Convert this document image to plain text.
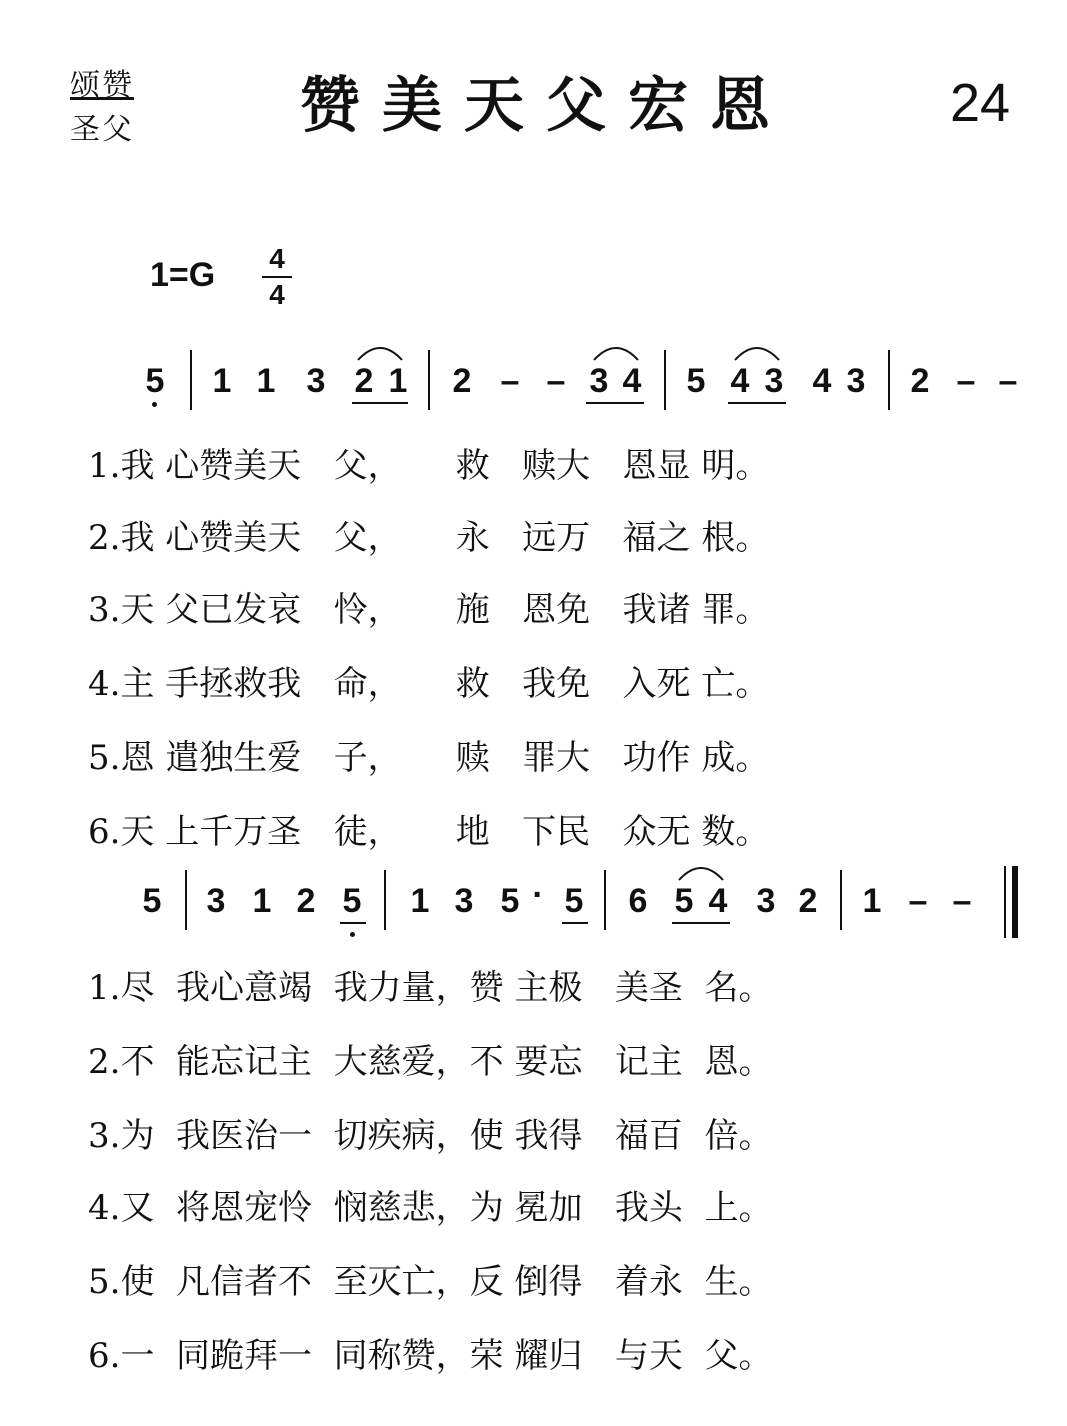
颂赞
圣父	赞美天父宏恩	24
1=G 4
4
5 1 1 3 2 1 2 – – 3 4 5 4 3 4 3 2 – –
1.我 心赞美天   父，     救   赎大   恩显 明。
2.我 心赞美天   父，     永   远万   福之 根。
3.天 父已发哀   怜，     施   恩免   我诸 罪。
4.主 手拯救我   命，     救   我免   入死 亡。
5.恩 遣独生爱   子，     赎   罪大   功作 成。
6.天 上千万圣   徒，     地   下民   众无 数。
5 3 1 2 5 1 3 5 · 5 6 5 4 3 2 1 – –
1.尽  我心意竭  我力量，赞 主极   美圣  名。
2.不  能忘记主  大慈爱，不 要忘   记主  恩。
3.为  我医治一  切疾病，使 我得   福百  倍。
4.又  将恩宠怜  悯慈悲，为 冕加   我头  上。
5.使  凡信者不  至灭亡，反 倒得   着永  生。
6.一  同跪拜一  同称赞，荣 耀归   与天  父。
